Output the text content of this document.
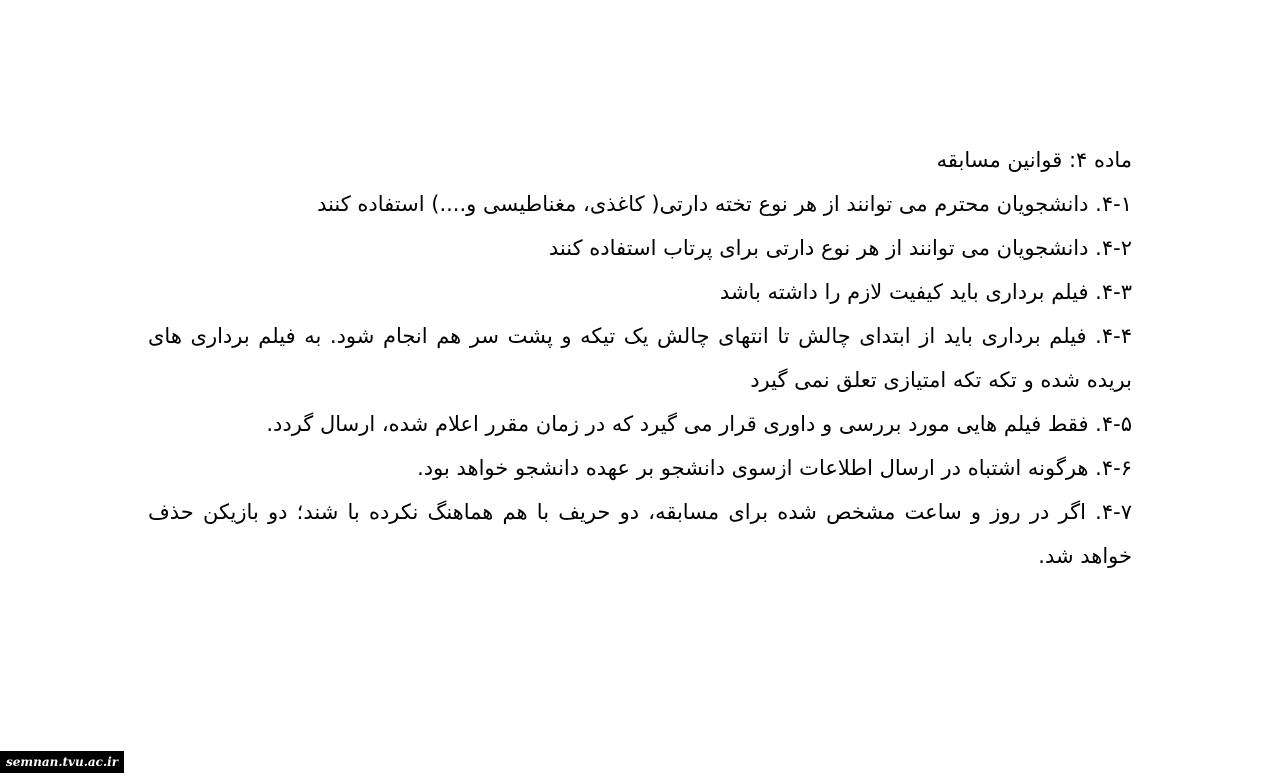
ماده ۴: قوانین مسابقه

۴-۱. دانشجویان محترم می توانند از هر نوع تخته دارتی( کاغذی، مغناطیسی و....) استفاده کنند

۴-۲. دانشجویان می توانند از هر نوع دارتی برای پرتاب استفاده کنند

۴-۳. فیلم برداری باید کیفیت لازم را داشته باشد

۴-۴. فیلم برداری باید از ابتدای چالش تا انتهای چالش یک تیکه و پشت سر هم انجام شود. به فیلم برداری های بریده شده و تکه تکه امتیازی تعلق نمی گیرد

۴-۵. فقط فیلم هایی مورد بررسی و داوری قرار می گیرد که در زمان مقرر اعلام شده، ارسال گردد.

۴-۶. هرگونه اشتباه در ارسال اطلاعات ازسوی دانشجو بر عهده دانشجو خواهد بود.

۴-۷. اگر در روز و ساعت مشخص شده برای مسابقه، دو حریف با هم هماهنگ نکرده با شند؛ دو بازیکن حذف خواهد شد.

semnan.tvu.ac.ir
